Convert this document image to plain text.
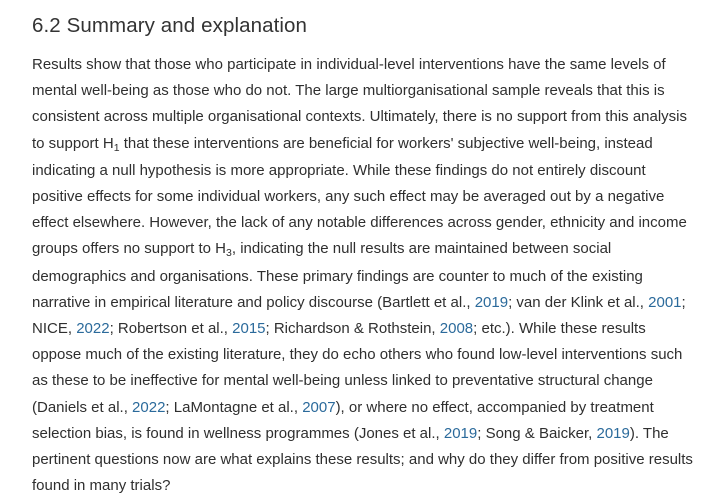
6.2 Summary and explanation

Results show that those who participate in individual-level interventions have the same levels of mental well-being as those who do not. The large multiorganisational sample reveals that this is consistent across multiple organisational contexts. Ultimately, there is no support from this analysis to support $H_1$ that these interventions are beneficial for workers' subjective well-being, instead indicating a null hypothesis is more appropriate. While these findings do not entirely discount positive effects for some individual workers, any such effect may be averaged out by a negative effect elsewhere. However, the lack of any notable differences across gender, ethnicity and income groups offers no support to $H_3$, indicating the null results are maintained between social demographics and organisations. These primary findings are counter to much of the existing narrative in empirical literature and policy discourse (Bartlett et al., 2019; van der Klink et al., 2001; NICE, 2022; Robertson et al., 2015; Richardson & Rothstein, 2008; etc.). While these results oppose much of the existing literature, they do echo others who found low-level interventions such as these to be ineffective for mental well-being unless linked to preventative structural change (Daniels et al., 2022; LaMontagne et al., 2007), or where no effect, accompanied by treatment selection bias, is found in wellness programmes (Jones et al., 2019; Song & Baicker, 2019). The pertinent questions now are what explains these results; and why do they differ from positive results found in many trials?
